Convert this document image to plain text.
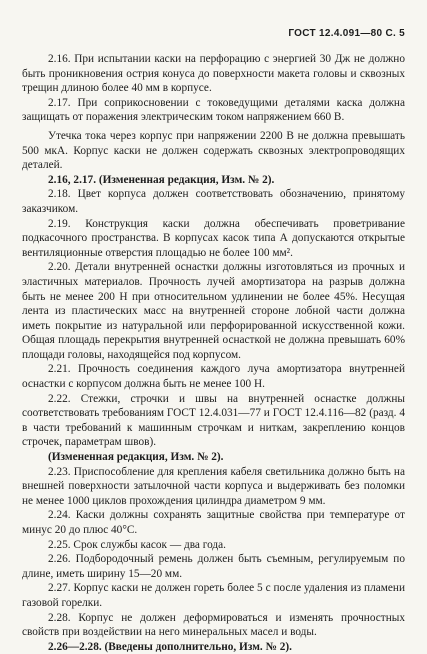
ГОСТ 12.4.091—80 С. 5

2.16. При испытании каски на перфорацию с энергией 30 Дж не должно быть проникновения острия конуса до поверхности макета головы и сквозных трещин длиною более 40 мм в корпусе.

2.17. При соприкосновении с токоведущими деталями каска должна защищать от поражения электрическим током напряжением 660 В.

Утечка тока через корпус при напряжении 2200 В не должна превышать 500 мкА. Корпус каски не должен содержать сквозных электропроводящих деталей.

2.16, 2.17. (Измененная редакция, Изм. № 2).

2.18. Цвет корпуса должен соответствовать обозначению, принятому заказчиком.

2.19. Конструкция каски должна обеспечивать проветривание подкасочного пространства. В корпусах касок типа А допускаются открытые вентиляционные отверстия площадью не более 100 мм².

2.20. Детали внутренней оснастки должны изготовляться из прочных и эластичных материалов. Прочность лучей амортизатора на разрыв должна быть не менее 200 Н при относительном удлинении не более 45%. Несущая лента из пластических масс на внутренней стороне лобной части должна иметь покрытие из натуральной или перфорированной искусственной кожи. Общая площадь перекрытия внутренней оснасткой не должна превышать 60% площади головы, находящейся под корпусом.

2.21. Прочность соединения каждого луча амортизатора внутренней оснастки с корпусом должна быть не менее 100 Н.

2.22. Стежки, строчки и швы на внутренней оснастке должны соответствовать требованиям ГОСТ 12.4.031—77 и ГОСТ 12.4.116—82 (разд. 4 в части требований к машинным строчкам и ниткам, закреплению концов строчек, параметрам швов).

(Измененная редакция, Изм. № 2).

2.23. Приспособление для крепления кабеля светильника должно быть на внешней поверхности затылочной части корпуса и выдерживать без поломки не менее 1000 циклов прохождения цилиндра диаметром 9 мм.

2.24. Каски должны сохранять защитные свойства при температуре от минус 20 до плюс 40°С.

2.25. Срок службы касок — два года.

2.26. Подбородочный ремень должен быть съемным, регулируемым по длине, иметь ширину 15—20 мм.

2.27. Корпус каски не должен гореть более 5 с после удаления из пламени газовой горелки.

2.28. Корпус не должен деформироваться и изменять прочностных свойств при воздействии на него минеральных масел и воды.

2.26—2.28. (Введены дополнительно, Изм. № 2).
